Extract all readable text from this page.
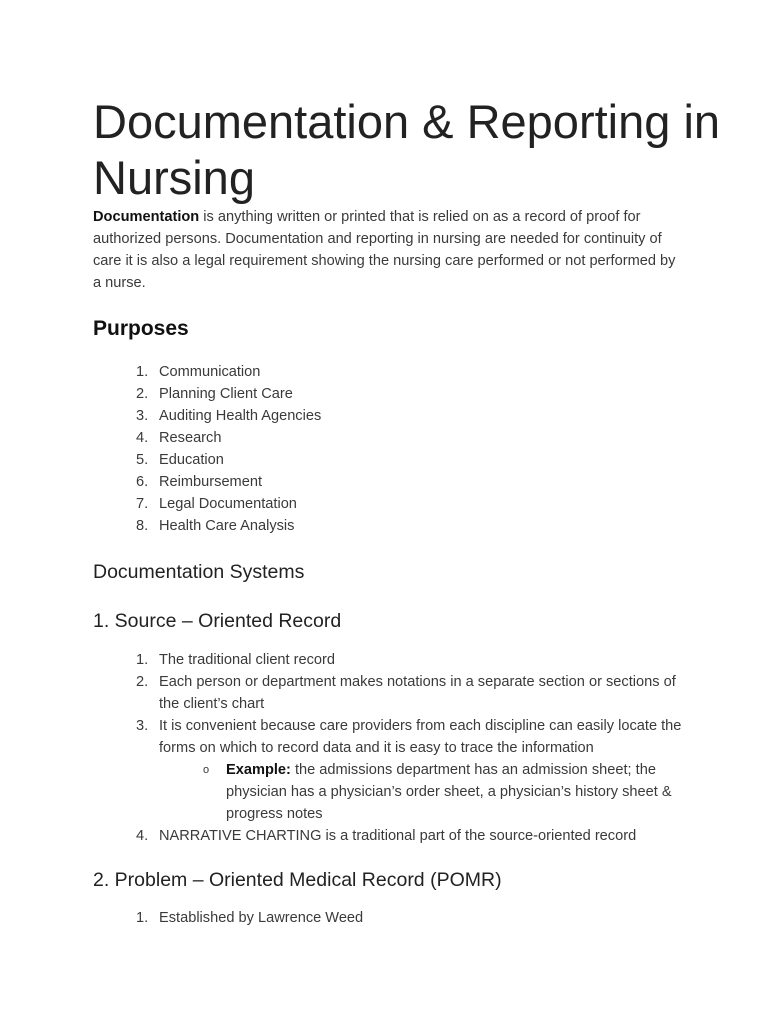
Documentation & Reporting in Nursing

Documentation is anything written or printed that is relied on as a record of proof for authorized persons. Documentation and reporting in nursing are needed for continuity of care it is also a legal requirement showing the nursing care performed or not performed by a nurse.

Purposes
1. Communication
2. Planning Client Care
3. Auditing Health Agencies
4. Research
5. Education
6. Reimbursement
7. Legal Documentation
8. Health Care Analysis
Documentation Systems
1. Source – Oriented Record
1. The traditional client record
2. Each person or department makes notations in a separate section or sections of the client’s chart
3. It is convenient because care providers from each discipline can easily locate the forms on which to record data and it is easy to trace the information

o Example: the admissions department has an admission sheet; the physician has a physician’s order sheet, a physician’s history sheet & progress notes

4. NARRATIVE CHARTING is a traditional part of the source-oriented record
2. Problem – Oriented Medical Record (POMR)
1. Established by Lawrence Weed
